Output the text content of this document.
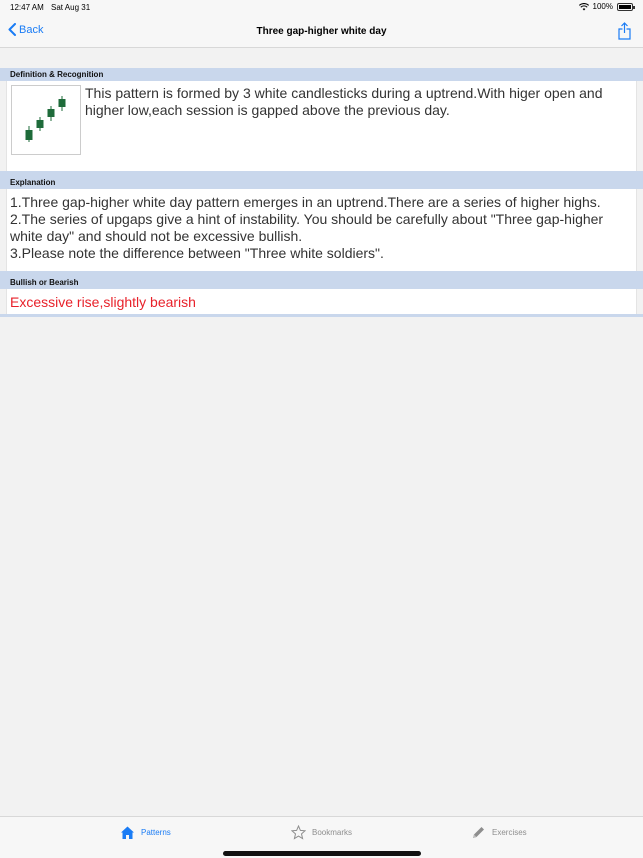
12:47 AM Sat Aug 31	100%
Back	Three gap-higher white day
Definition & Recognition
This pattern is formed by 3 white candlesticks during a uptrend.With higer open and higher low,each session is gapped above the previous day.
Explanation
1.Three gap-higher white day pattern emerges in an uptrend.There are a series of higher highs.
2.The series of upgaps give a hint of instability. You should be carefully about "Three gap-higher white day" and should not be excessive bullish.
3.Please note the difference between "Three white soldiers".
Bullish or Bearish
Excessive rise,slightly bearish
Patterns	Bookmarks	Exercises
